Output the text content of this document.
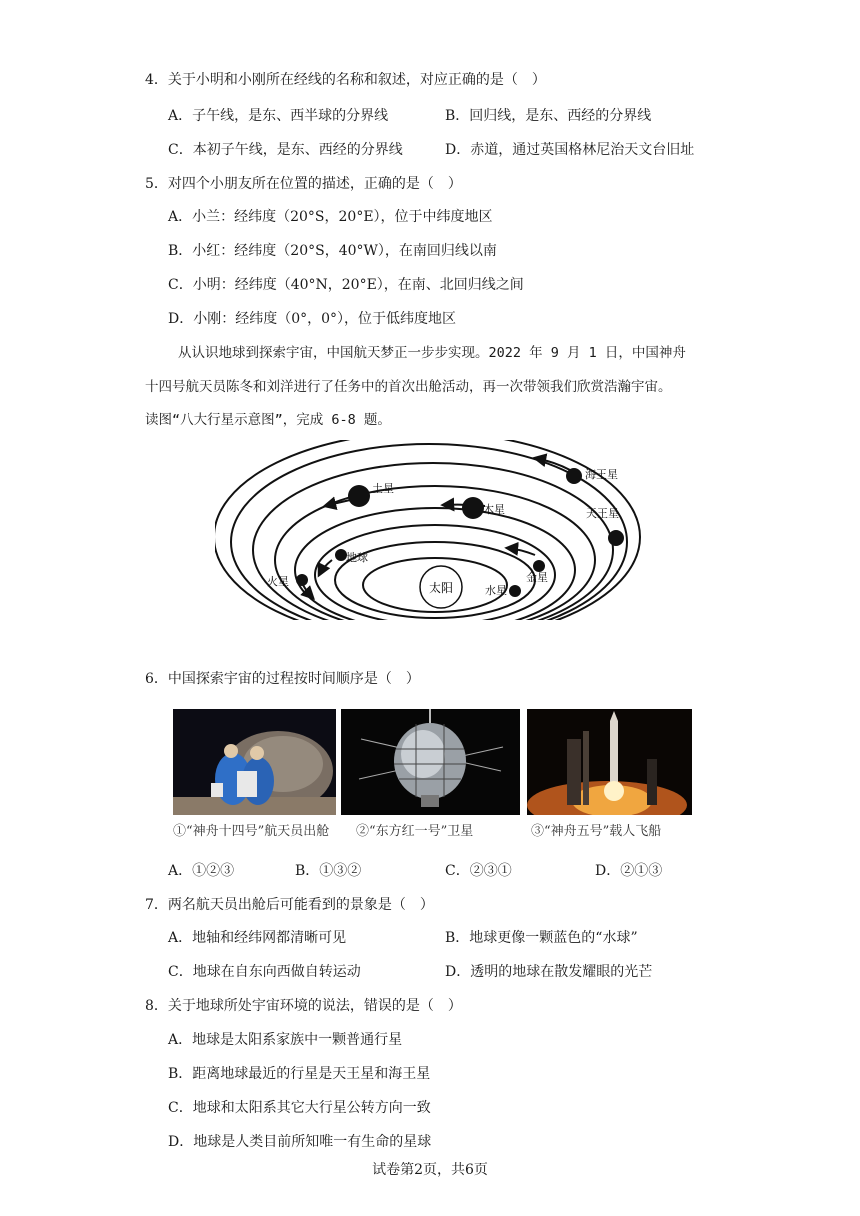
4．关于小明和小刚所在经线的名称和叙述，对应正确的是（　）
A．子午线，是东、西半球的分界线	B．回归线，是东、西经的分界线
C．本初子午线，是东、西经的分界线	D．赤道，通过英国格林尼治天文台旧址
5．对四个小朋友所在位置的描述，正确的是（　）
A．小兰：经纬度（20°S，20°E），位于中纬度地区
B．小红：经纬度（20°S，40°W），在南回归线以南
C．小明：经纬度（40°N，20°E），在南、北回归线之间
D．小刚：经纬度（0°，0°），位于低纬度地区
从认识地球到探索宇宙，中国航天梦正一步步实现。2022 年 9 月 1 日，中国神舟
十四号航天员陈冬和刘洋进行了任务中的首次出舱活动，再一次带领我们欣赏浩瀚宇宙。
读图“八大行星示意图”，完成 6-8 题。
太阳	水星
金星
地球
火星
木星
土星
天王星
海王星
6．中国探索宇宙的过程按时间顺序是（　）
①“神舟十四号”航天员出舱 ②“东方红一号”卫星	③“神舟五号”载人飞船
A．①②③	B．①③②	C．②③①	D．②①③
7．两名航天员出舱后可能看到的景象是（　）
A．地轴和经纬网都清晰可见	B．地球更像一颗蓝色的“水球”
C．地球在自东向西做自转运动	D．透明的地球在散发耀眼的光芒
8．关于地球所处宇宙环境的说法，错误的是（　）
A．地球是太阳系家族中一颗普通行星
B．距离地球最近的行星是天王星和海王星
C．地球和太阳系其它大行星公转方向一致
D．地球是人类目前所知唯一有生命的星球
试卷第2页，共6页
